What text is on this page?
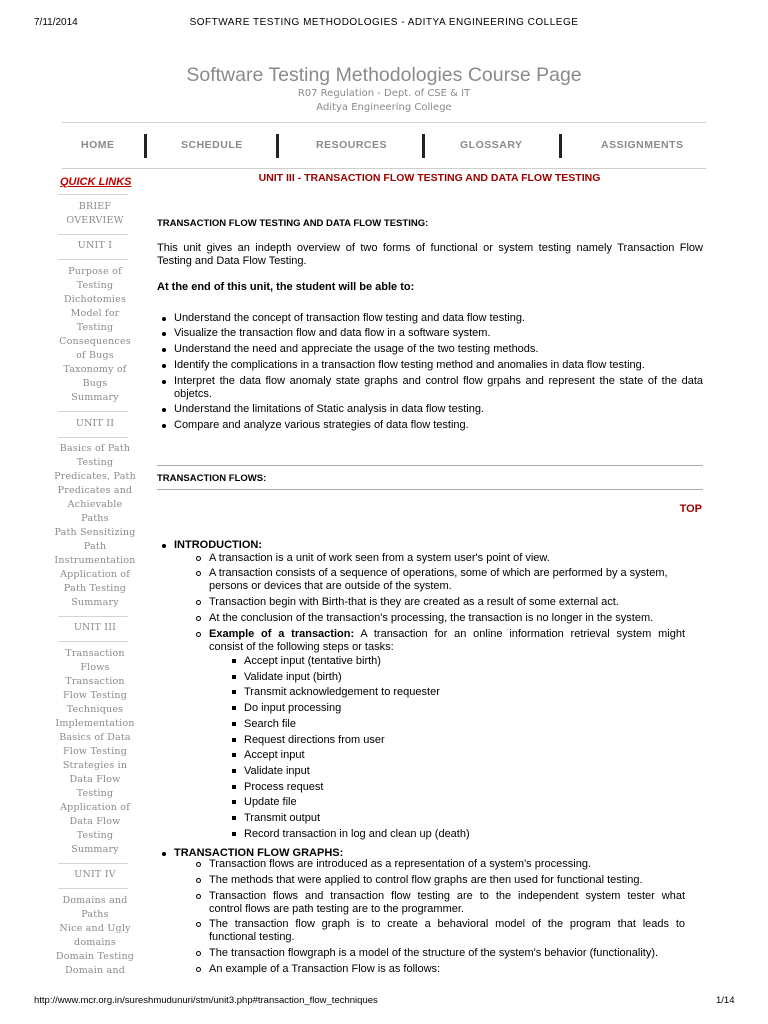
7/11/2014	SOFTWARE TESTING METHODOLOGIES - ADITYA ENGINEERING COLLEGE
Software Testing Methodologies Course Page
R07 Regulation - Dept. of CSE & IT
Aditya Engineering College
HOME	SCHEDULE	RESOURCES	GLOSSARY	ASSIGNMENTS
QUICK LINKS
BRIEF
OVERVIEW
UNIT I
Purpose of
Testing
Dichotomies
Model for
Testing
Consequences
of Bugs
Taxonomy of
Bugs
Summary
UNIT II
Basics of Path
Testing
Predicates, Path
Predicates and
Achievable
Paths
Path Sensitizing
Path
Instrumentation
Application of
Path Testing
Summary
UNIT III
Transaction
Flows
Transaction
Flow Testing
Techniques
Implementation
Basics of Data
Flow Testing
Strategies in
Data Flow
Testing
Application of
Data Flow
Testing
Summary
UNIT IV
Domains and
Paths
Nice and Ugly
domains
Domain Testing
Domain and
UNIT III - TRANSACTION FLOW TESTING AND DATA FLOW TESTING
TRANSACTION FLOW TESTING AND DATA FLOW TESTING:
This unit gives an indepth overview of two forms of functional or system testing namely Transaction Flow
Testing and Data Flow Testing.
At the end of this unit, the student will be able to:
Understand the concept of transaction flow testing and data flow testing.
Visualize the transaction flow and data flow in a software system.
Understand the need and appreciate the usage of the two testing methods.
Identify the complications in a transaction flow testing method and anomalies in data flow testing.
Interpret the data flow anomaly state graphs and control flow grpahs and represent the state of the data
objetcs.
Understand the limitations of Static analysis in data flow testing.
Compare and analyze various strategies of data flow testing.
TRANSACTION FLOWS:
TOP
INTRODUCTION:
A transaction is a unit of work seen from a system user's point of view.
A transaction consists of a sequence of operations, some of which are performed by a system,
persons or devices that are outside of the system.
Transaction begin with Birth-that is they are created as a result of some external act.
At the conclusion of the transaction's processing, the transaction is no longer in the system.
Example of a transaction: A transaction for an online information retrieval system might
consist of the following steps or tasks:
Accept input (tentative birth)
Validate input (birth)
Transmit acknowledgement to requester
Do input processing
Search file
Request directions from user
Accept input
Validate input
Process request
Update file
Transmit output
Record transaction in log and clean up (death)
TRANSACTION FLOW GRAPHS:
Transaction flows are introduced as a representation of a system's processing.
The methods that were applied to control flow graphs are then used for functional testing.
Transaction flows and transaction flow testing are to the independent system tester what
control flows are path testing are to the programmer.
The transaction flow graph is to create a behavioral model of the program that leads to
functional testing.
The transaction flowgraph is a model of the structure of the system's behavior (functionality).
An example of a Transaction Flow is as follows:
http://www.mcr.org.in/sureshmudunuri/stm/unit3.php#transaction_flow_techniques	1/14
